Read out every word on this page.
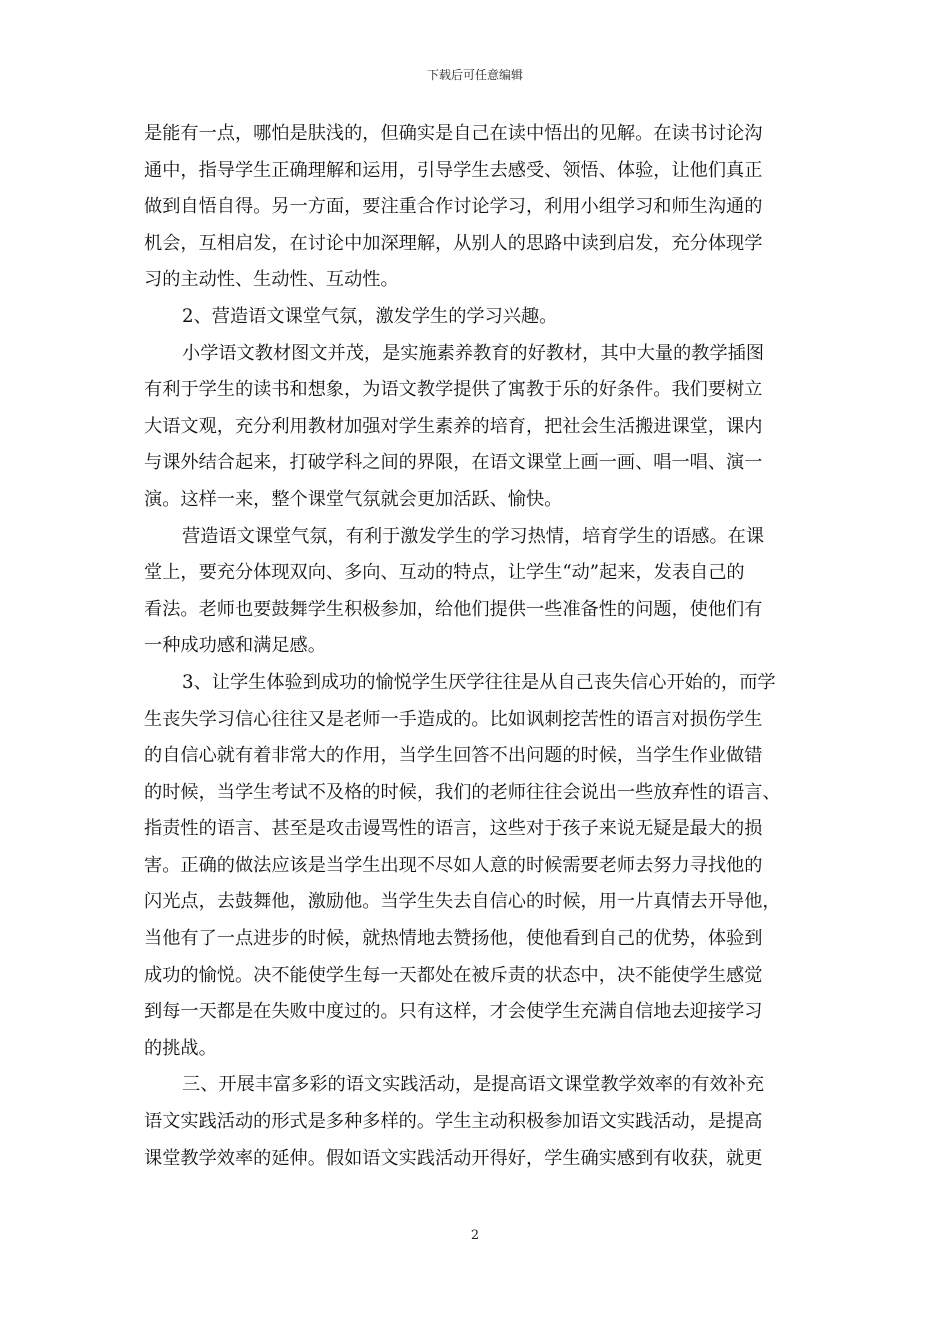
下载后可任意编辑
是能有一点，哪怕是肤浅的，但确实是自己在读中悟出的见解。在读书讨论沟
通中，指导学生正确理解和运用，引导学生去感受、领悟、体验，让他们真正
做到自悟自得。另一方面，要注重合作讨论学习，利用小组学习和师生沟通的
机会，互相启发，在讨论中加深理解，从别人的思路中读到启发，充分体现学
习的主动性、生动性、互动性。
2、营造语文课堂气氛，激发学生的学习兴趣。
小学语文教材图文并茂，是实施素养教育的好教材，其中大量的教学插图
有利于学生的读书和想象，为语文教学提供了寓教于乐的好条件。我们要树立
大语文观，充分利用教材加强对学生素养的培育，把社会生活搬进课堂，课内
与课外结合起来，打破学科之间的界限，在语文课堂上画一画、唱一唱、演一
演。这样一来，整个课堂气氛就会更加活跃、愉快。
营造语文课堂气氛，有利于激发学生的学习热情，培育学生的语感。在课
堂上，要充分体现双向、多向、互动的特点，让学生“动”起来，发表自己的
看法。老师也要鼓舞学生积极参加，给他们提供一些准备性的问题，使他们有
一种成功感和满足感。
3、让学生体验到成功的愉悦学生厌学往往是从自己丧失信心开始的，而学
生丧失学习信心往往又是老师一手造成的。比如讽刺挖苦性的语言对损伤学生
的自信心就有着非常大的作用，当学生回答不出问题的时候，当学生作业做错
的时候，当学生考试不及格的时候，我们的老师往往会说出一些放弃性的语言、
指责性的语言、甚至是攻击谩骂性的语言，这些对于孩子来说无疑是最大的损
害。正确的做法应该是当学生出现不尽如人意的时候需要老师去努力寻找他的
闪光点，去鼓舞他，激励他。当学生失去自信心的时候，用一片真情去开导他，
当他有了一点进步的时候，就热情地去赞扬他，使他看到自己的优势，体验到
成功的愉悦。决不能使学生每一天都处在被斥责的状态中，决不能使学生感觉
到每一天都是在失败中度过的。只有这样，才会使学生充满自信地去迎接学习
的挑战。
三、开展丰富多彩的语文实践活动，是提高语文课堂教学效率的有效补充
语文实践活动的形式是多种多样的。学生主动积极参加语文实践活动，是提高
课堂教学效率的延伸。假如语文实践活动开得好，学生确实感到有收获，就更
2
